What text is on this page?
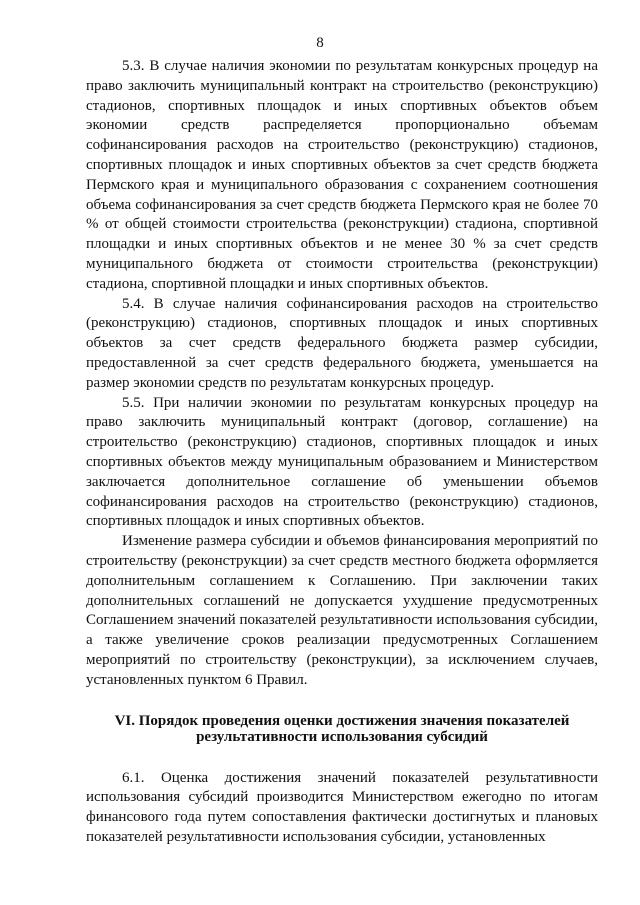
8

5.3. В случае наличия экономии по результатам конкурсных процедур на право заключить муниципальный контракт на строительство (реконструкцию) стадионов, спортивных площадок и иных спортивных объектов объем экономии средств распределяется пропорционально объемам софинансирования расходов на строительство (реконструкцию) стадионов, спортивных площадок и иных спортивных объектов за счет средств бюджета Пермского края и муниципального образования с сохранением соотношения объема софинансирования за счет средств бюджета Пермского края не более 70 % от общей стоимости строительства (реконструкции) стадиона, спортивной площадки и иных спортивных объектов и не менее 30 % за счет средств муниципального бюджета от стоимости строительства (реконструкции) стадиона, спортивной площадки и иных спортивных объектов.

5.4. В случае наличия софинансирования расходов на строительство (реконструкцию) стадионов, спортивных площадок и иных спортивных объектов за счет средств федерального бюджета размер субсидии, предоставленной за счет средств федерального бюджета, уменьшается на размер экономии средств по результатам конкурсных процедур.

5.5. При наличии экономии по результатам конкурсных процедур на право заключить муниципальный контракт (договор, соглашение) на строительство (реконструкцию) стадионов, спортивных площадок и иных спортивных объектов между муниципальным образованием и Министерством заключается дополнительное соглашение об уменьшении объемов софинансирования расходов на строительство (реконструкцию) стадионов, спортивных площадок и иных спортивных объектов.

Изменение размера субсидии и объемов финансирования мероприятий по строительству (реконструкции) за счет средств местного бюджета оформляется дополнительным соглашением к Соглашению. При заключении таких дополнительных соглашений не допускается ухудшение предусмотренных Соглашением значений показателей результативности использования субсидии, а также увеличение сроков реализации предусмотренных Соглашением мероприятий по строительству (реконструкции), за исключением случаев, установленных пунктом 6 Правил.

VI. Порядок проведения оценки достижения значения показателей результативности использования субсидий

6.1. Оценка достижения значений показателей результативности использования субсидий производится Министерством ежегодно по итогам финансового года путем сопоставления фактически достигнутых и плановых показателей результативности использования субсидии, установленных
